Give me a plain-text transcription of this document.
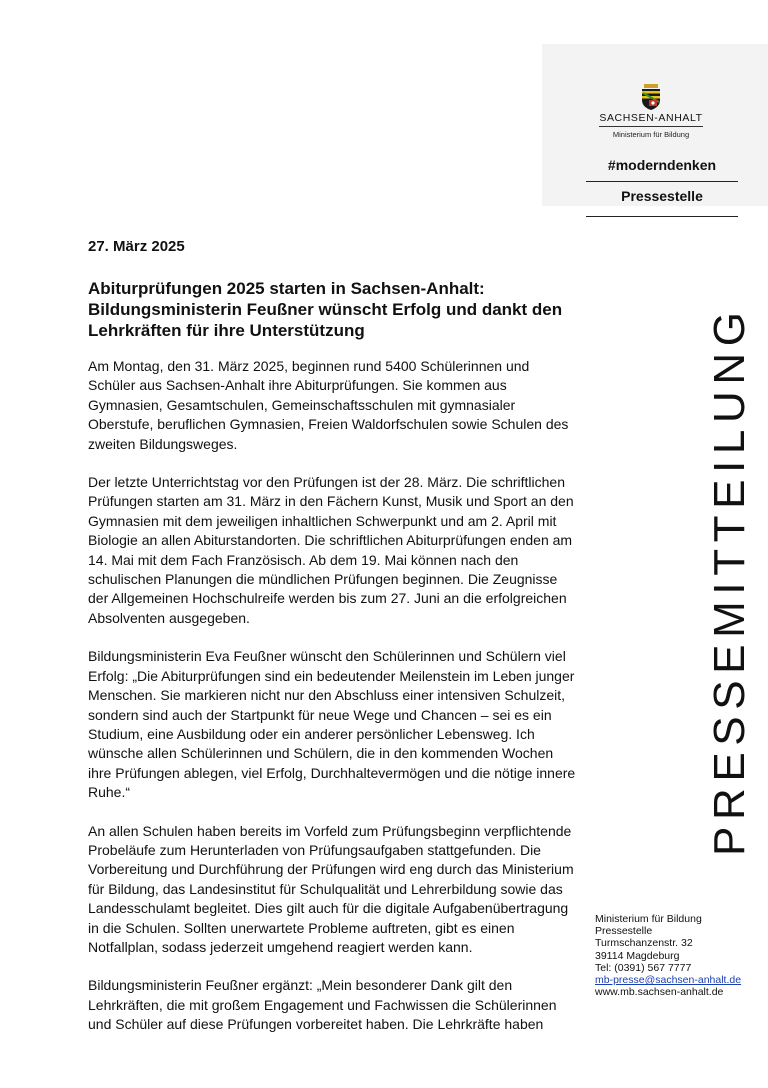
SACHSEN-ANHALT
Ministerium für Bildung
#moderndenken
Pressestelle
PRESSEMITTEILUNG
27. März 2025
Abiturprüfungen 2025 starten in Sachsen-Anhalt: Bildungsministerin Feußner wünscht Erfolg und dankt den Lehrkräften für ihre Unterstützung

Am Montag, den 31. März 2025, beginnen rund 5400 Schülerinnen und Schüler aus Sachsen-Anhalt ihre Abiturprüfungen. Sie kommen aus Gymnasien, Gesamtschulen, Gemeinschaftsschulen mit gymnasialer Oberstufe, beruflichen Gymnasien, Freien Waldorfschulen sowie Schulen des zweiten Bildungsweges.

Der letzte Unterrichtstag vor den Prüfungen ist der 28. März. Die schriftlichen Prüfungen starten am 31. März in den Fächern Kunst, Musik und Sport an den Gymnasien mit dem jeweiligen inhaltlichen Schwerpunkt und am 2. April mit Biologie an allen Abiturstandorten. Die schriftlichen Abiturprüfungen enden am 14. Mai mit dem Fach Französisch. Ab dem 19. Mai können nach den schulischen Planungen die mündlichen Prüfungen beginnen. Die Zeugnisse der Allgemeinen Hochschulreife werden bis zum 27. Juni an die erfolgreichen Absolventen ausgegeben.

Bildungsministerin Eva Feußner wünscht den Schülerinnen und Schülern viel Erfolg: „Die Abiturprüfungen sind ein bedeutender Meilenstein im Leben junger Menschen. Sie markieren nicht nur den Abschluss einer intensiven Schulzeit, sondern sind auch der Startpunkt für neue Wege und Chancen – sei es ein Studium, eine Ausbildung oder ein anderer persönlicher Lebensweg. Ich wünsche allen Schülerinnen und Schülern, die in den kommenden Wochen ihre Prüfungen ablegen, viel Erfolg, Durchhaltevermögen und die nötige innere Ruhe.“

An allen Schulen haben bereits im Vorfeld zum Prüfungsbeginn verpflichtende Probeläufe zum Herunterladen von Prüfungsaufgaben stattgefunden. Die Vorbereitung und Durchführung der Prüfungen wird eng durch das Ministerium für Bildung, das Landesinstitut für Schulqualität und Lehrerbildung sowie das Landesschulamt begleitet. Dies gilt auch für die digitale Aufgabenübertragung in die Schulen. Sollten unerwartete Probleme auftreten, gibt es einen Notfallplan, sodass jederzeit umgehend reagiert werden kann.

Bildungsministerin Feußner ergänzt: „Mein besonderer Dank gilt den Lehrkräften, die mit großem Engagement und Fachwissen die Schülerinnen und Schüler auf diese Prüfungen vorbereitet haben. Die Lehrkräfte haben

Ministerium für Bildung
Pressestelle
Turmschanzenstr. 32
39114 Magdeburg
Tel: (0391) 567 7777
mb-presse@sachsen-anhalt.de
www.mb.sachsen-anhalt.de
